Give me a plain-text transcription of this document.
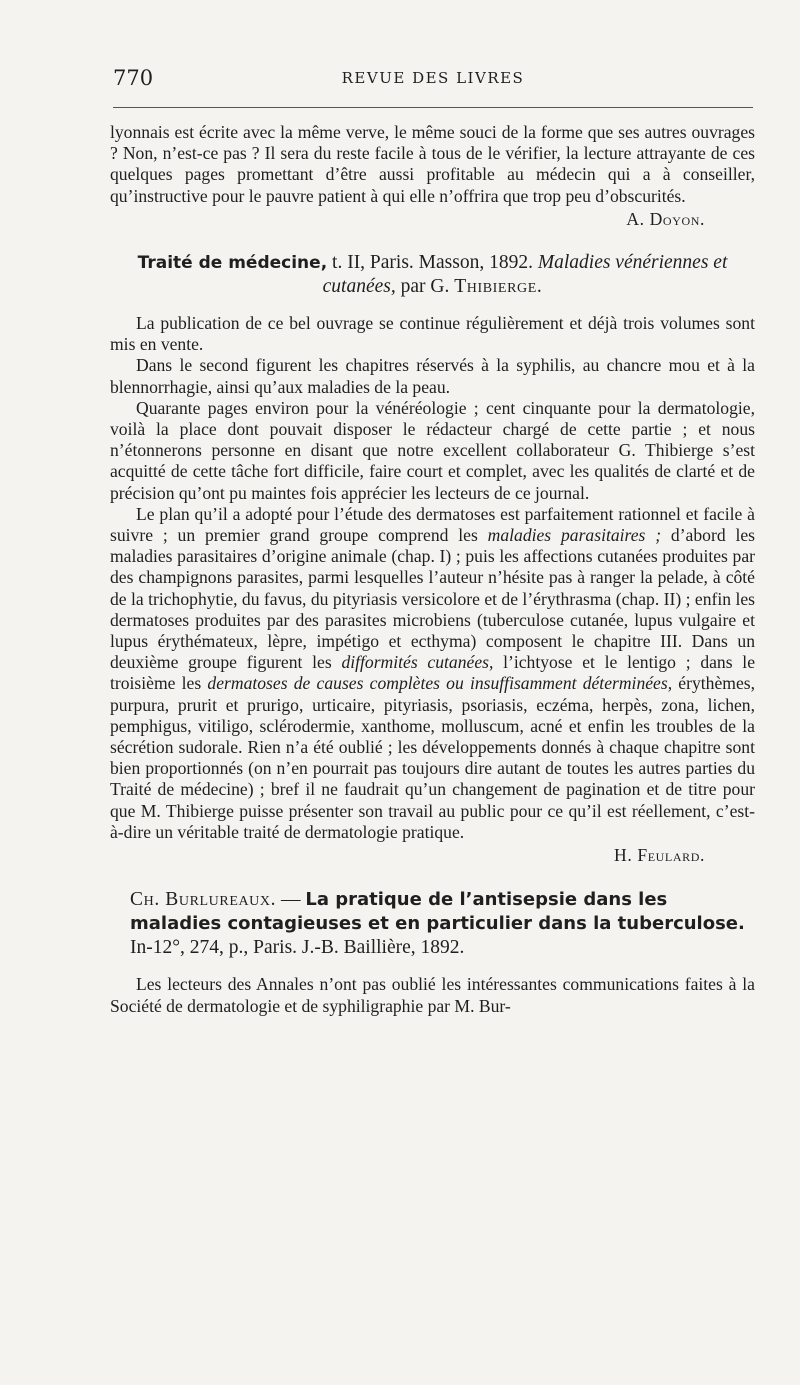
770	REVUE DES LIVRES

lyonnais est écrite avec la même verve, le même souci de la forme que ses autres ouvrages ? Non, n’est-ce pas ? Il sera du reste facile à tous de le vérifier, la lecture attrayante de ces quelques pages promettant d’être aussi profitable au médecin qui a à conseiller, qu’instructive pour le pauvre patient à qui elle n’offrira que trop peu d’obscurités.

A. Doyon.

Traité de médecine, t. II, Paris. Masson, 1892. Maladies vénériennes et cutanées, par G. Thibierge.

La publication de ce bel ouvrage se continue régulièrement et déjà trois volumes sont mis en vente.

Dans le second figurent les chapitres réservés à la syphilis, au chancre mou et à la blennorrhagie, ainsi qu’aux maladies de la peau.

Quarante pages environ pour la vénéréologie ; cent cinquante pour la dermatologie, voilà la place dont pouvait disposer le rédacteur chargé de cette partie ; et nous n’étonnerons personne en disant que notre excellent collaborateur G. Thibierge s’est acquitté de cette tâche fort difficile, faire court et complet, avec les qualités de clarté et de précision qu’ont pu maintes fois apprécier les lecteurs de ce journal.

Le plan qu’il a adopté pour l’étude des dermatoses est parfaitement rationnel et facile à suivre ; un premier grand groupe comprend les maladies parasitaires ; d’abord les maladies parasitaires d’origine animale (chap. I) ; puis les affections cutanées produites par des champignons parasites, parmi lesquelles l’auteur n’hésite pas à ranger la pelade, à côté de la trichophytie, du favus, du pityriasis versicolore et de l’érythrasma (chap. II) ; enfin les dermatoses produites par des parasites microbiens (tuberculose cutanée, lupus vulgaire et lupus érythémateux, lèpre, impétigo et ecthyma) composent le chapitre III. Dans un deuxième groupe figurent les difformités cutanées, l’ichtyose et le lentigo ; dans le troisième les dermatoses de causes complètes ou insuffisamment déterminées, érythèmes, purpura, prurit et prurigo, urticaire, pityriasis, psoriasis, eczéma, herpès, zona, lichen, pemphigus, vitiligo, sclérodermie, xanthome, molluscum, acné et enfin les troubles de la sécrétion sudorale. Rien n’a été oublié ; les développements donnés à chaque chapitre sont bien proportionnés (on n’en pourrait pas toujours dire autant de toutes les autres parties du Traité de médecine) ; bref il ne faudrait qu’un changement de pagination et de titre pour que M. Thibierge puisse présenter son travail au public pour ce qu’il est réellement, c’est-à-dire un véritable traité de dermatologie pratique.

H. Feulard.

Ch. Burlureaux. — La pratique de l’antisepsie dans les maladies contagieuses et en particulier dans la tuberculose. In-12°, 274, p., Paris. J.-B. Baillière, 1892.

Les lecteurs des Annales n’ont pas oublié les intéressantes communications faites à la Société de dermatologie et de syphiligraphie par M. Bur-
